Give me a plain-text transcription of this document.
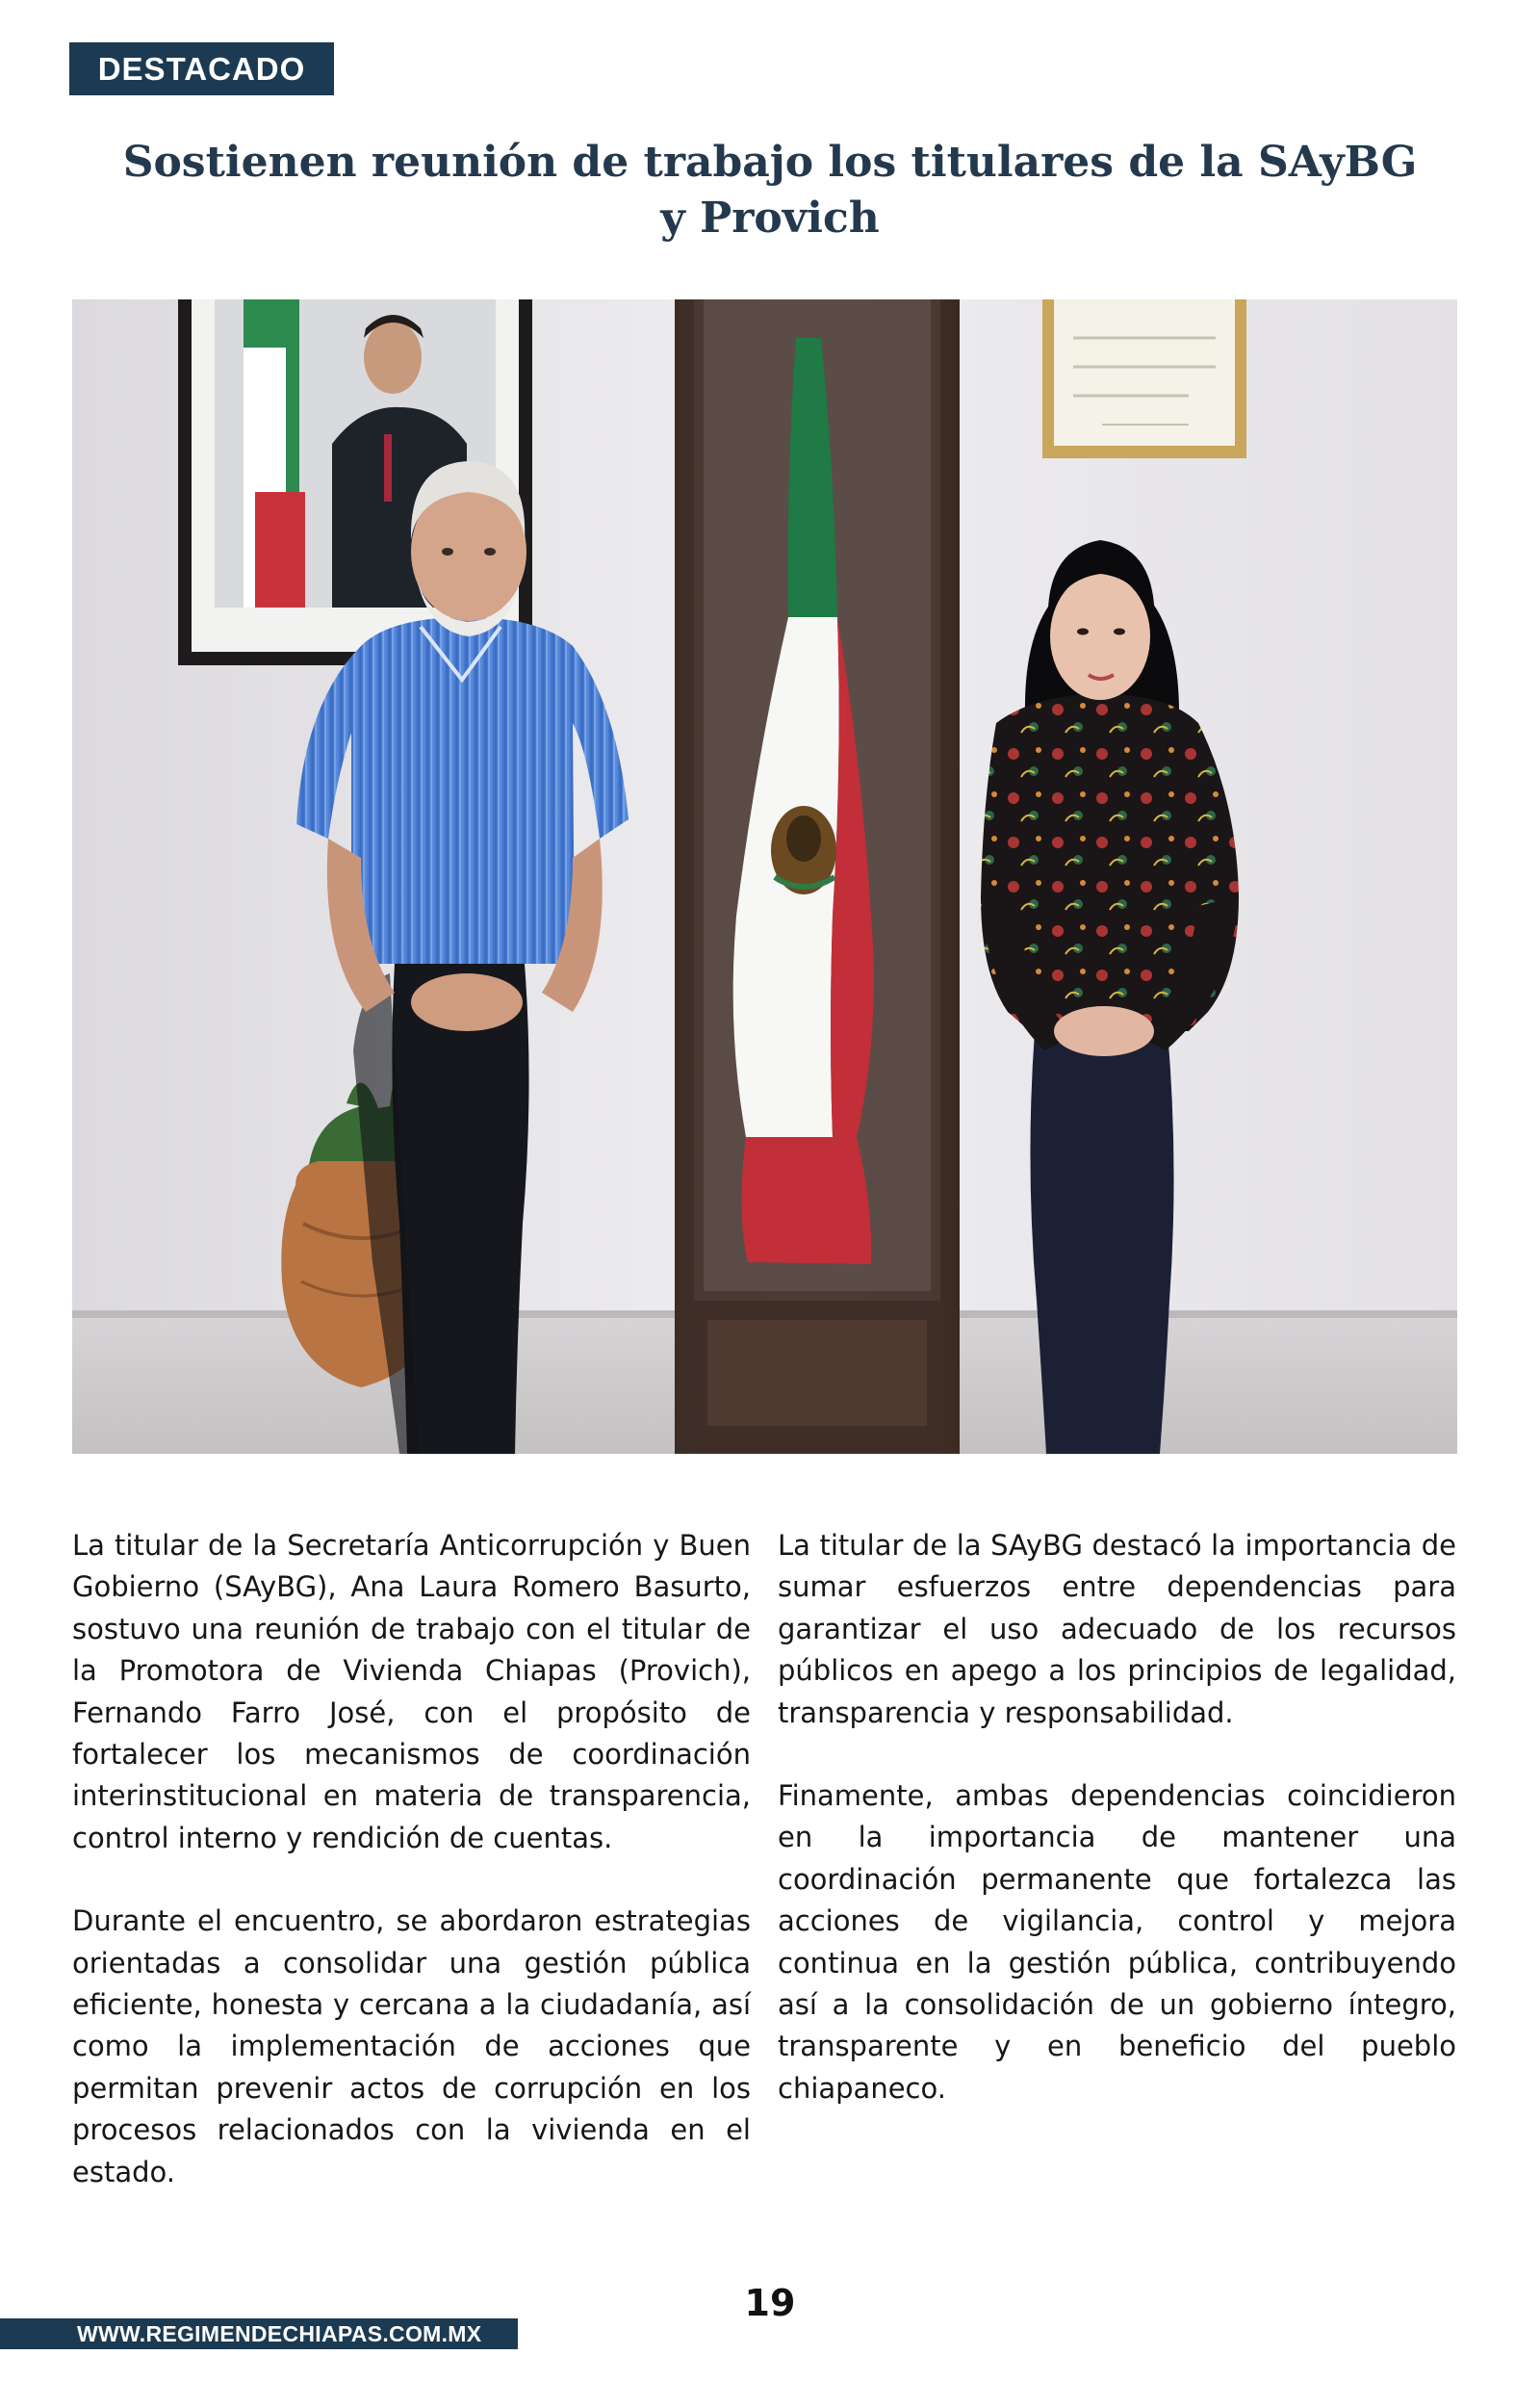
DESTACADO
Sostienen reunión de trabajo los titulares de la SAyBG y Provich

La titular de la Secretaría Anticorrupción y Buen Gobierno (SAyBG), Ana Laura Romero Basurto, sostuvo una reunión de trabajo con el titular de la Promotora de Vivienda Chiapas (Provich), Fernando Farro José, con el propósito de fortalecer los mecanismos de coordinación interinstitucional en materia de transparencia, control interno y rendición de cuentas.

Durante el encuentro, se abordaron estrategias orientadas a consolidar una gestión pública eficiente, honesta y cercana a la ciudadanía, así como la implementación de acciones que permitan prevenir actos de corrupción en los procesos relacionados con la vivienda en el estado.

La titular de la SAyBG destacó la importancia de sumar esfuerzos entre dependencias para garantizar el uso adecuado de los recursos públicos en apego a los principios de legalidad, transparencia y responsabilidad.

Finamente, ambas dependencias coincidieron en la importancia de mantener una coordinación permanente que fortalezca las acciones de vigilancia, control y mejora continua en la gestión pública, contribuyendo así a la consolidación de un gobierno íntegro, transparente y en beneficio del pueblo chiapaneco.

19
WWW.REGIMENDECHIAPAS.COM.MX
